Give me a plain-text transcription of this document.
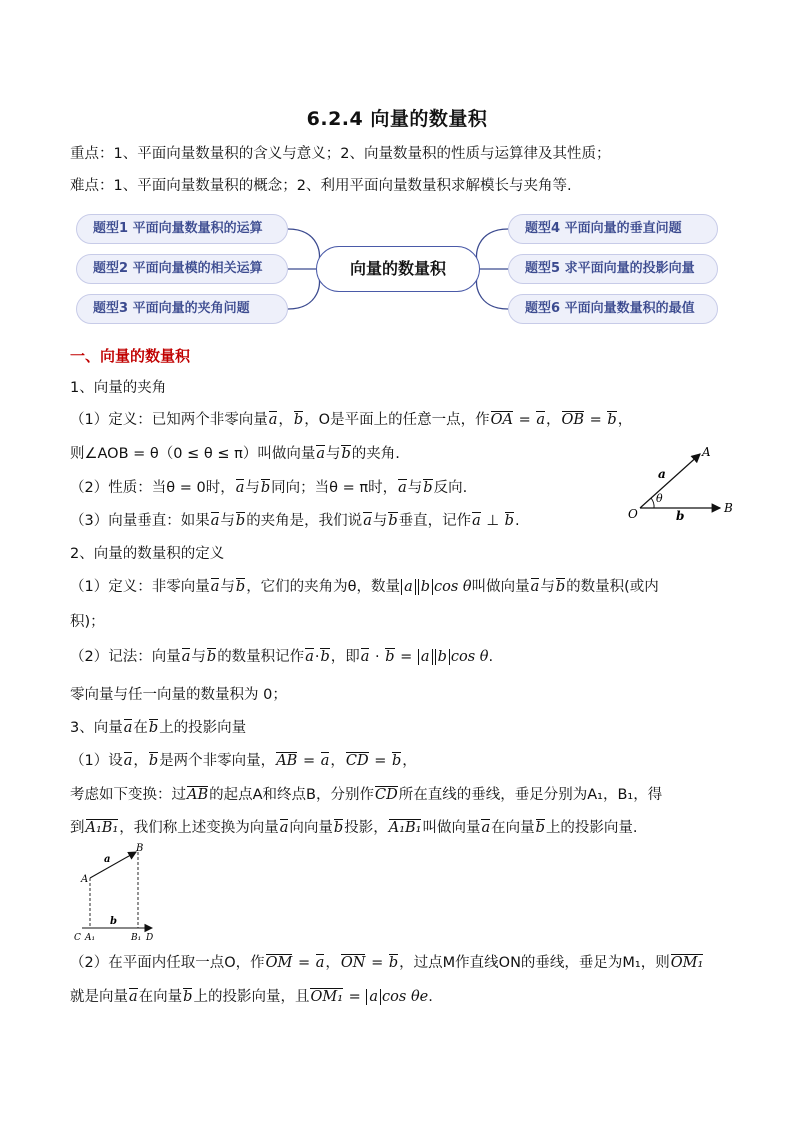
6.2.4 向量的数量积
重点：1、平面向量数量积的含义与意义；2、向量数量积的性质与运算律及其性质；
难点：1、平面向量数量积的概念；2、利用平面向量数量积求解模长与夹角等.
题型1 平面向量数量积的运算
题型2 平面向量模的相关运算
题型3 平面向量的夹角问题
向量的数量积
题型4 平面向量的垂直问题
题型5 求平面向量的投影向量
题型6 平面向量数量积的最值
一、向量的数量积
1、向量的夹角
（1）定义：已知两个非零向量a，b，O是平面上的任意一点，作OA = a，OB = b，
则∠AOB = θ（0 ≤ θ ≤ π）叫做向量a与b的夹角.
（2）性质：当θ = 0时，a与b同向；当θ = π时，a与b反向.
（3）向量垂直：如果a与b的夹角是，我们说a与b垂直，记作a ⊥ b.
A
a
θ
O	b
B
2、向量的数量积的定义
（1）定义：非零向量a与b，它们的夹角为θ，数量 a b cos θ叫做向量a与b的数量积(或内
积)；
（2）记法：向量a与b的数量积记作a·b，即a · b = a b cos θ.
零向量与任一向量的数量积为 0；
3、向量a在b上的投影向量
（1）设a，b是两个非零向量，AB = a，CD = b，
考虑如下变换：过AB的起点A和终点B，分别作CD所在直线的垂线，垂足分别为A₁，B₁，得
到A₁B₁，我们称上述变换为向量a向向量b投影，A₁B₁叫做向量a在向量b上的投影向量.
B
a
A
b
C A₁	B₁ D
（2）在平面内任取一点O，作OM = a，ON = b，过点M作直线ON的垂线，垂足为M₁，则OM₁
就是向量a在向量b上的投影向量，且OM₁ = a cos θe.
